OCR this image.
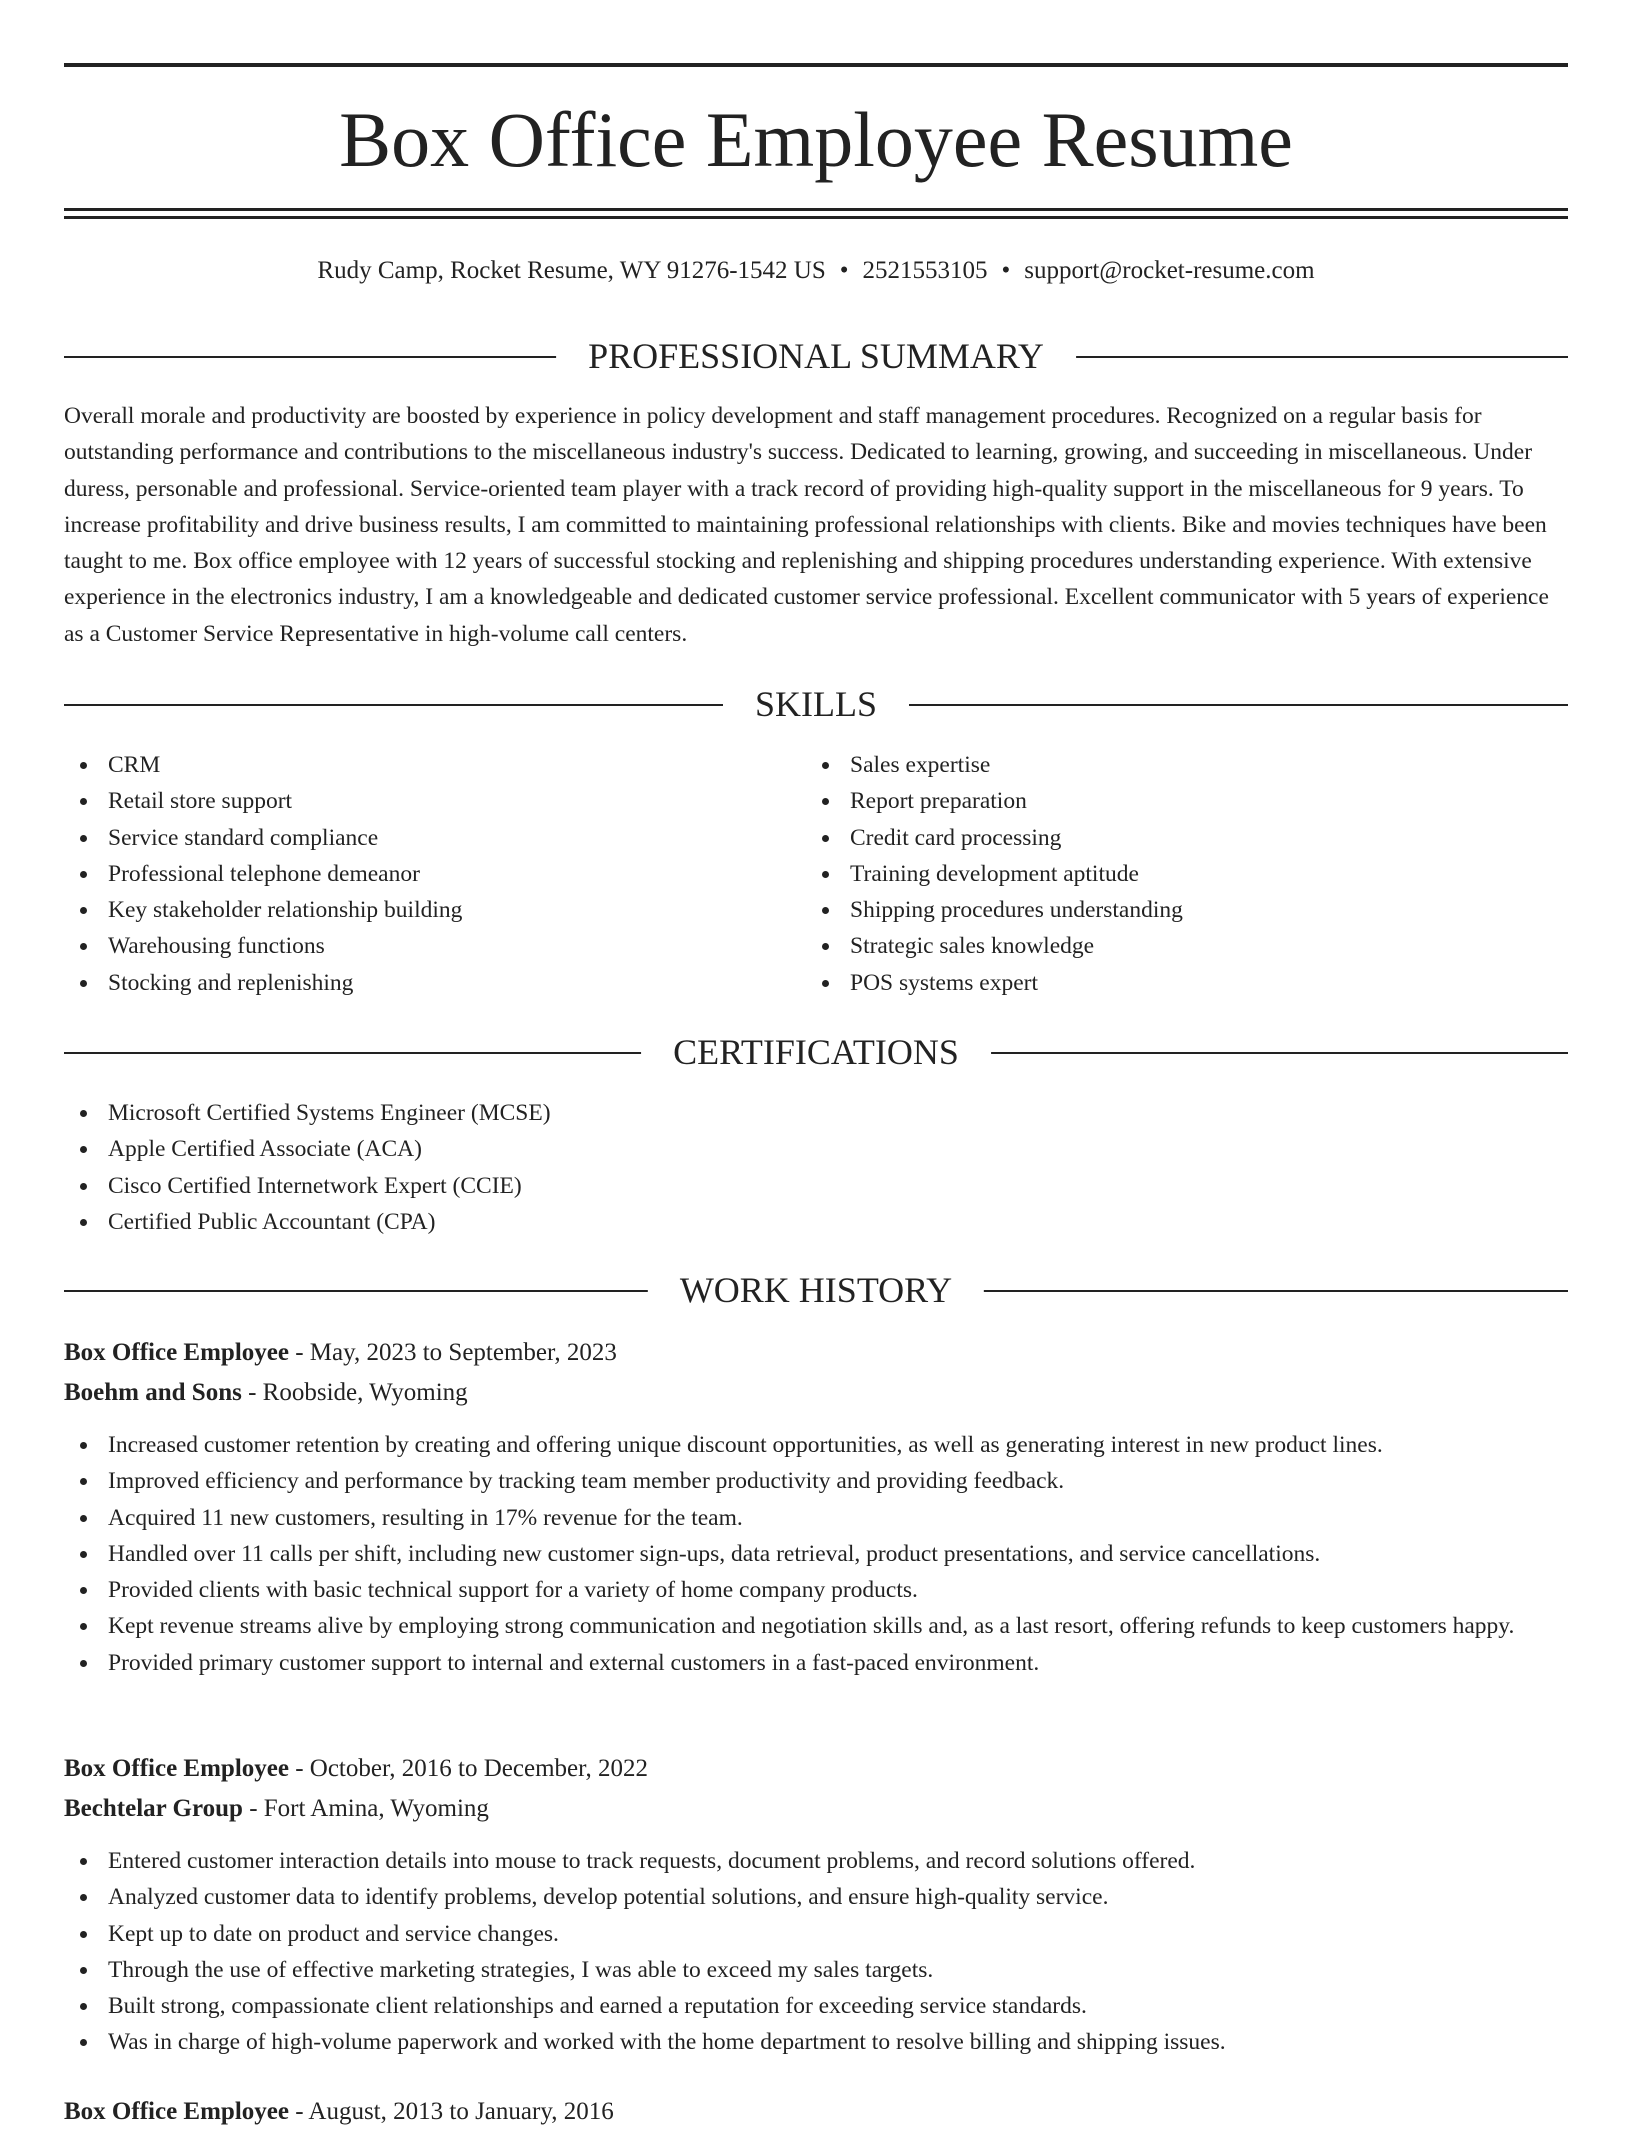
Box Office Employee Resume
Rudy Camp, Rocket Resume, WY 91276-1542 US • 2521553105 • support@rocket-resume.com
PROFESSIONAL SUMMARY

Overall morale and productivity are boosted by experience in policy development and staff management procedures. Recognized on a regular basis for outstanding performance and contributions to the miscellaneous industry's success. Dedicated to learning, growing, and succeeding in miscellaneous. Under duress, personable and professional. Service-oriented team player with a track record of providing high-quality support in the miscellaneous for 9 years. To increase profitability and drive business results, I am committed to maintaining professional relationships with clients. Bike and movies techniques have been taught to me. Box office employee with 12 years of successful stocking and replenishing and shipping procedures understanding experience. With extensive experience in the electronics industry, I am a knowledgeable and dedicated customer service professional. Excellent communicator with 5 years of experience as a Customer Service Representative in high-volume call centers.

SKILLS
CRM
Retail store support
Service standard compliance
Professional telephone demeanor
Key stakeholder relationship building
Warehousing functions
Stocking and replenishing
Sales expertise
Report preparation
Credit card processing
Training development aptitude
Shipping procedures understanding
Strategic sales knowledge
POS systems expert
CERTIFICATIONS
Microsoft Certified Systems Engineer (MCSE)
Apple Certified Associate (ACA)
Cisco Certified Internetwork Expert (CCIE)
Certified Public Accountant (CPA)
WORK HISTORY
Box Office Employee - May, 2023 to September, 2023
Boehm and Sons - Roobside, Wyoming
Increased customer retention by creating and offering unique discount opportunities, as well as generating interest in new product lines.
Improved efficiency and performance by tracking team member productivity and providing feedback.
Acquired 11 new customers, resulting in 17% revenue for the team.
Handled over 11 calls per shift, including new customer sign-ups, data retrieval, product presentations, and service cancellations.
Provided clients with basic technical support for a variety of home company products.
Kept revenue streams alive by employing strong communication and negotiation skills and, as a last resort, offering refunds to keep customers happy.
Provided primary customer support to internal and external customers in a fast-paced environment.
Box Office Employee - October, 2016 to December, 2022
Bechtelar Group - Fort Amina, Wyoming
Entered customer interaction details into mouse to track requests, document problems, and record solutions offered.
Analyzed customer data to identify problems, develop potential solutions, and ensure high-quality service.
Kept up to date on product and service changes.
Through the use of effective marketing strategies, I was able to exceed my sales targets.
Built strong, compassionate client relationships and earned a reputation for exceeding service standards.
Was in charge of high-volume paperwork and worked with the home department to resolve billing and shipping issues.
Box Office Employee - August, 2013 to January, 2016
